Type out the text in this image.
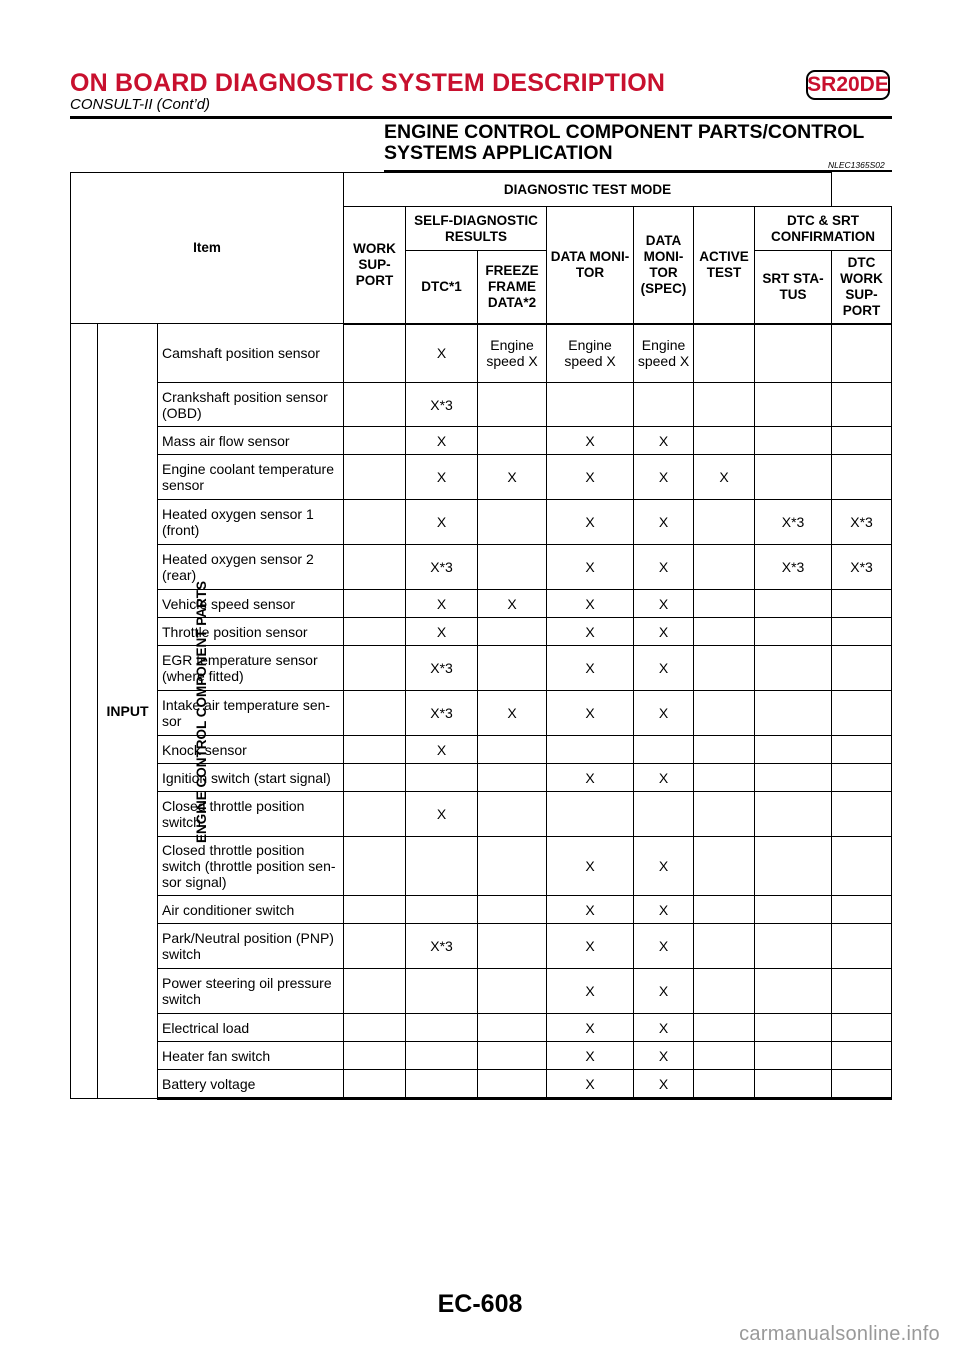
ON BOARD DIAGNOSTIC SYSTEM DESCRIPTION	SR20DE
CONSULT-II (Cont’d)
ENGINE CONTROL COMPONENT PARTS/CONTROL
SYSTEMS APPLICATION
NLEC1365S02
Item			DIAGNOSTIC TEST MODE							
			WORK SUP- PORT	SELF-DIAGNOSTIC RESULTS		DATA MONI- TOR	DATA MONI- TOR (SPEC)	ACTIVE TEST	DTC & SRT CONFIRMATION	
				DTC*1	FREEZE FRAME DATA*2				SRT STA- TUS	DTC WORK SUP- PORT
ENGINE CONTROL COMPONENT PARTS	INPUT	Camshaft position sensor		X	Engine speed X	Engine speed X	Engine speed X			
		Crankshaft position sensor (OBD)		X*3						
		Mass air flow sensor		X		X	X			
		Engine coolant temperature sensor		X	X	X	X	X		
		Heated oxygen sensor 1 (front)		X		X	X		X*3	X*3
		Heated oxygen sensor 2 (rear)		X*3		X	X		X*3	X*3
		Vehicle speed sensor		X	X	X	X			
		Throttle position sensor		X		X	X			
		EGR temperature sensor (where fitted)		X*3		X	X			
		Intake air temperature sen- sor		X*3	X	X	X			
		Knock sensor		X						
		Ignition switch (start signal)				X	X			
		Closed throttle position switch		X						
		Closed throttle position switch (throttle position sen- sor signal)				X	X			
		Air conditioner switch				X	X			
		Park/Neutral position (PNP) switch		X*3		X	X			
		Power steering oil pressure switch				X	X			
		Electrical load				X	X			
		Heater fan switch				X	X			
		Battery voltage				X	X			
EC-608
carmanualsonline.info
